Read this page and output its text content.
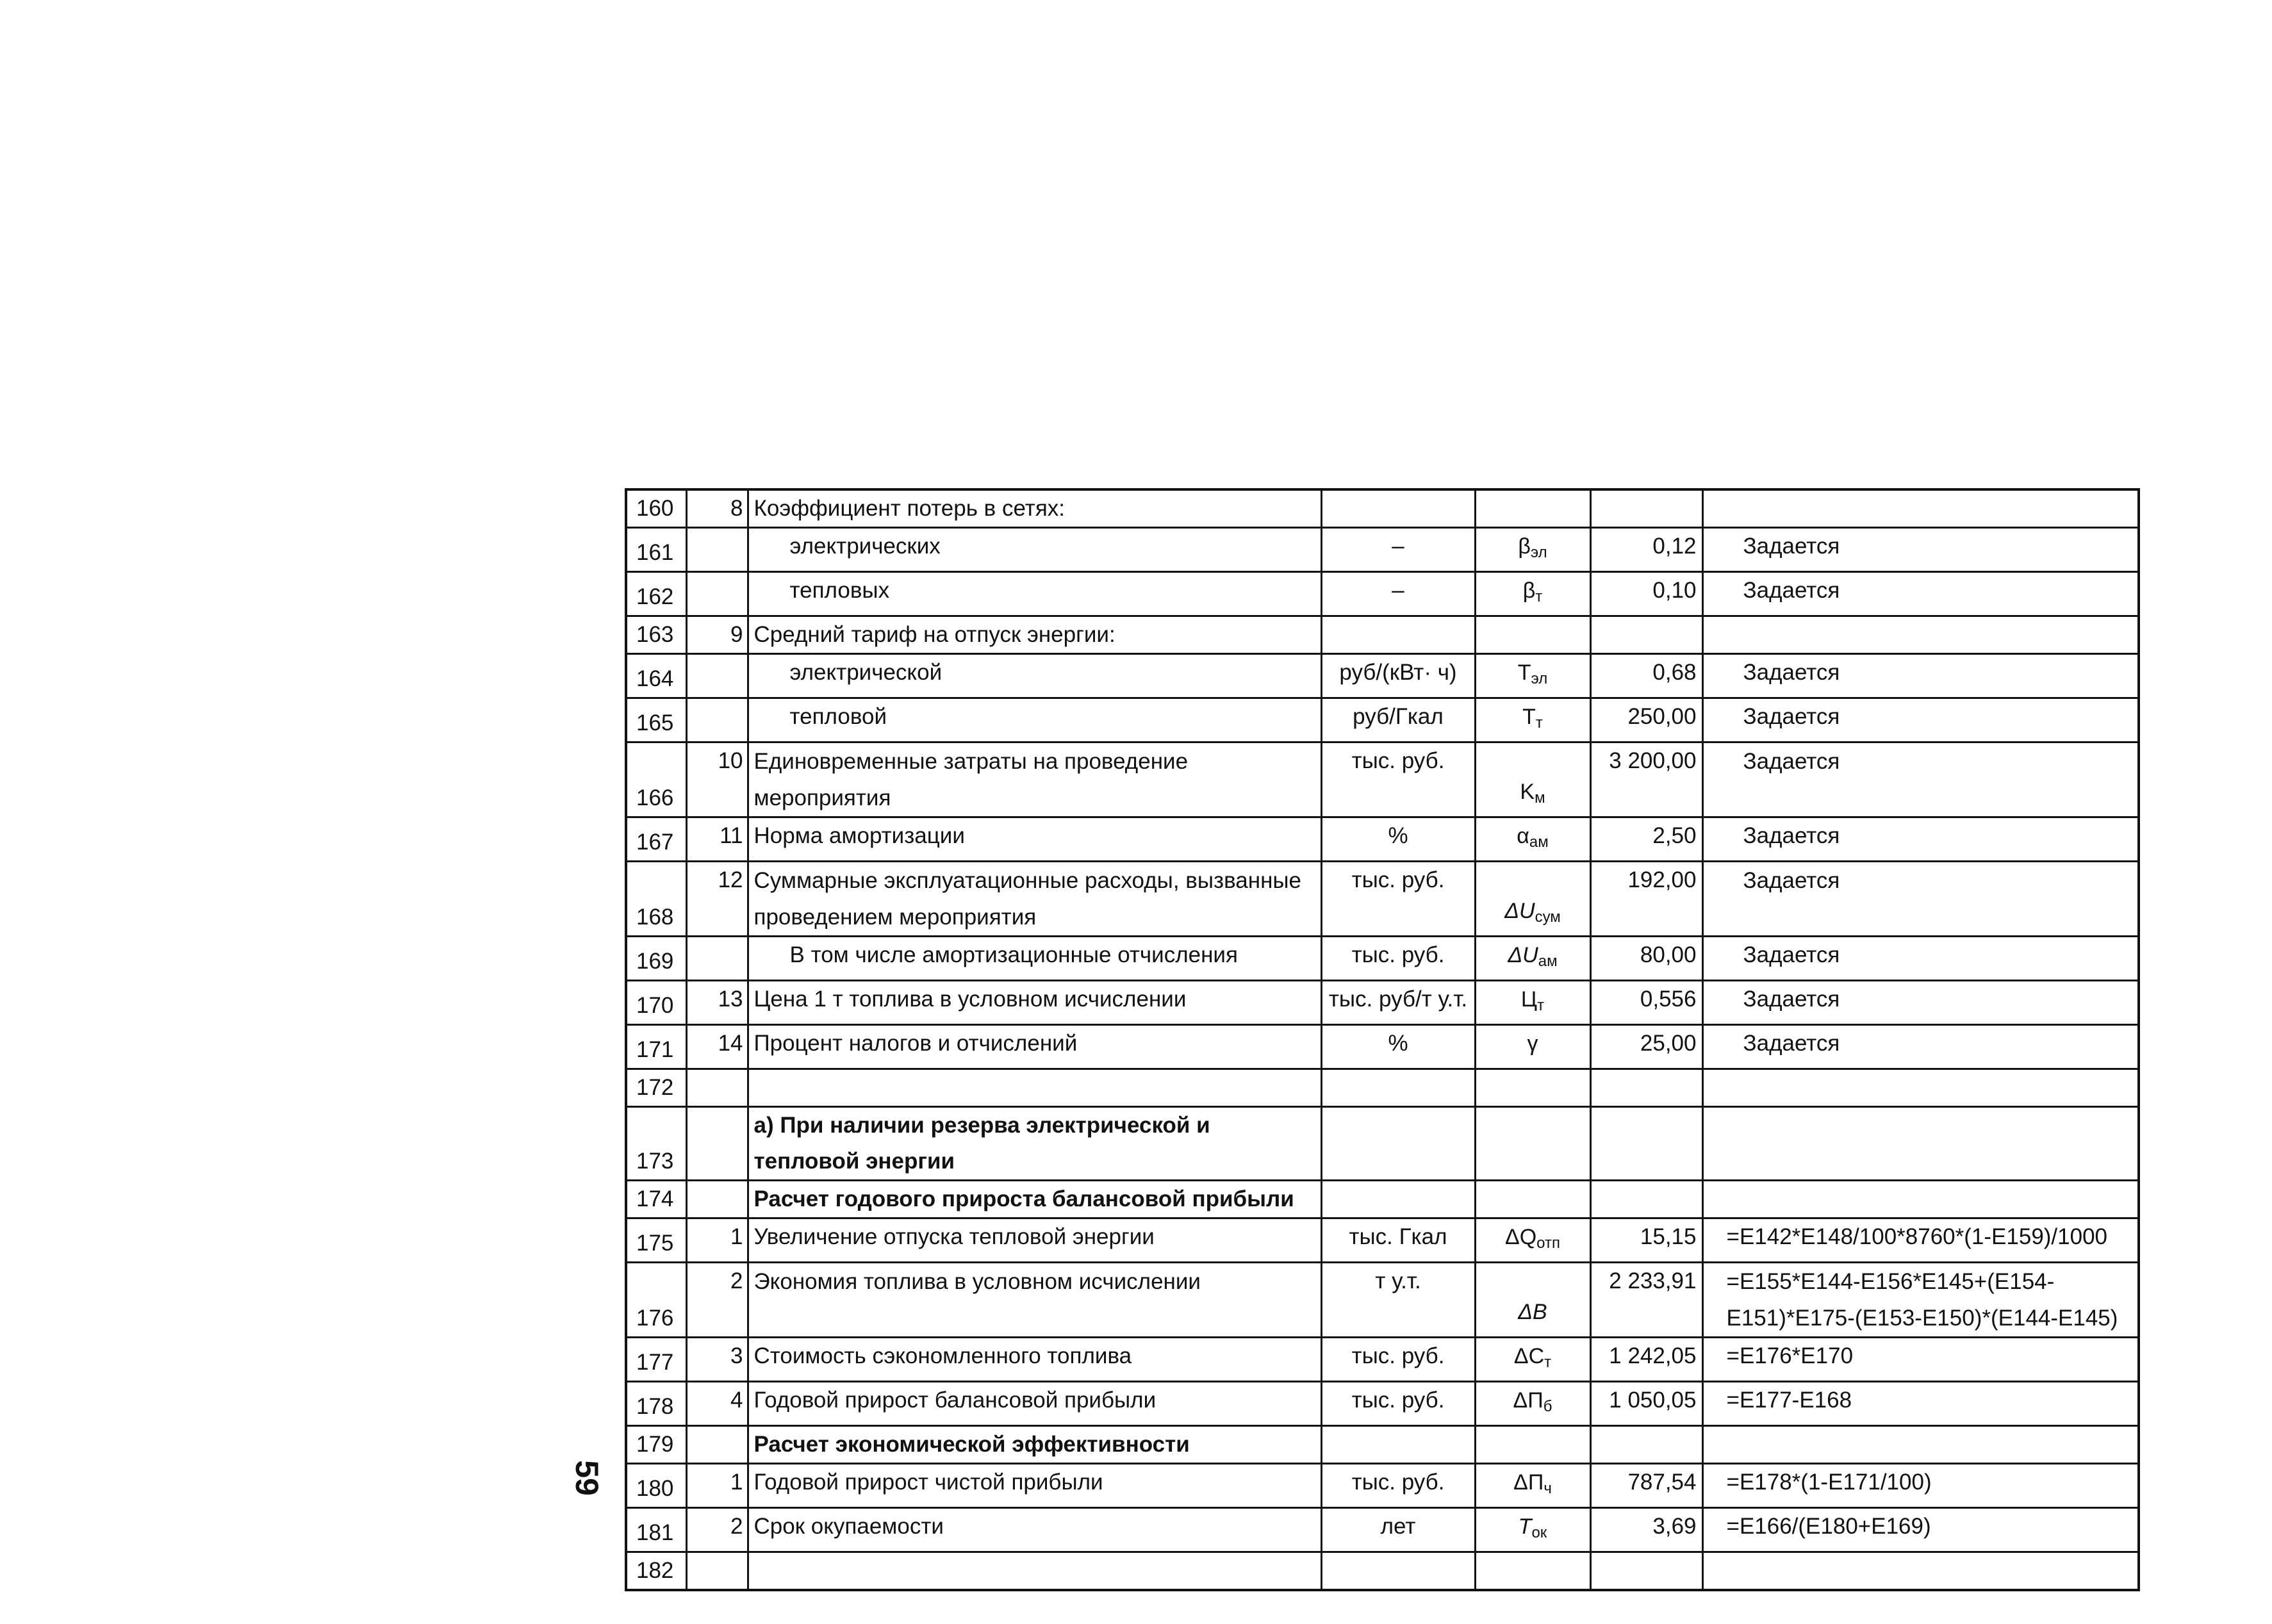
160	8	Коэффициент потерь в сетях:				
161		электрических	–	$\beta_{эл}$	0,12	Задается
162		тепловых	–	$\beta_т$	0,10	Задается
163	9	Средний тариф на отпуск энергии:				
164		электрической	руб/(кВт· ч)	$T_{эл}$	0,68	Задается
165		тепловой	руб/Гкал	$T_т$	250,00	Задается
166	10	Единовременные затраты на проведение мероприятия	тыс. руб.	$K_м$	3 200,00	Задается
167	11	Норма амортизации	%	$\alpha_{ам}$	2,50	Задается
168	12	Суммарные эксплуатационные расходы, вызванные проведением мероприятия	тыс. руб.	$\Delta U_{сум}$	192,00	Задается
169		В том числе амортизационные отчисления	тыс. руб.	$\Delta U_{ам}$	80,00	Задается
170	13	Цена 1 т топлива в условном исчислении	тыс. руб/т у.т.	$Ц_т$	0,556	Задается
171	14	Процент налогов и отчислений	%	γ	25,00	Задается
172						
173		а) При наличии резерва электрической и тепловой энергии				
174		Расчет годового прироста балансовой прибыли				
175	1	Увеличение отпуска тепловой энергии	тыс. Гкал	$\Delta Q_{отп}$	15,15	=E142*E148/100*8760*(1-E159)/1000
176	2	Экономия топлива в условном исчислении	т у.т.	ΔB	2 233,91	=E155*E144-E156*E145+(E154-E151)*E175-(E153-E150)*(E144-E145)
177	3	Стоимость сэкономленного топлива	тыс. руб.	$\Delta C_т$	1 242,05	=E176*E170
178	4	Годовой прирост балансовой прибыли	тыс. руб.	$\Delta П_б$	1 050,05	=E177-E168
179		Расчет экономической эффективности				
180	1	Годовой прирост чистой прибыли	тыс. руб.	$\Delta П_ч$	787,54	=E178*(1-E171/100)
181	2	Срок окупаемости	лет	$T_{ок}$	3,69	=E166/(E180+E169)
182						
59
